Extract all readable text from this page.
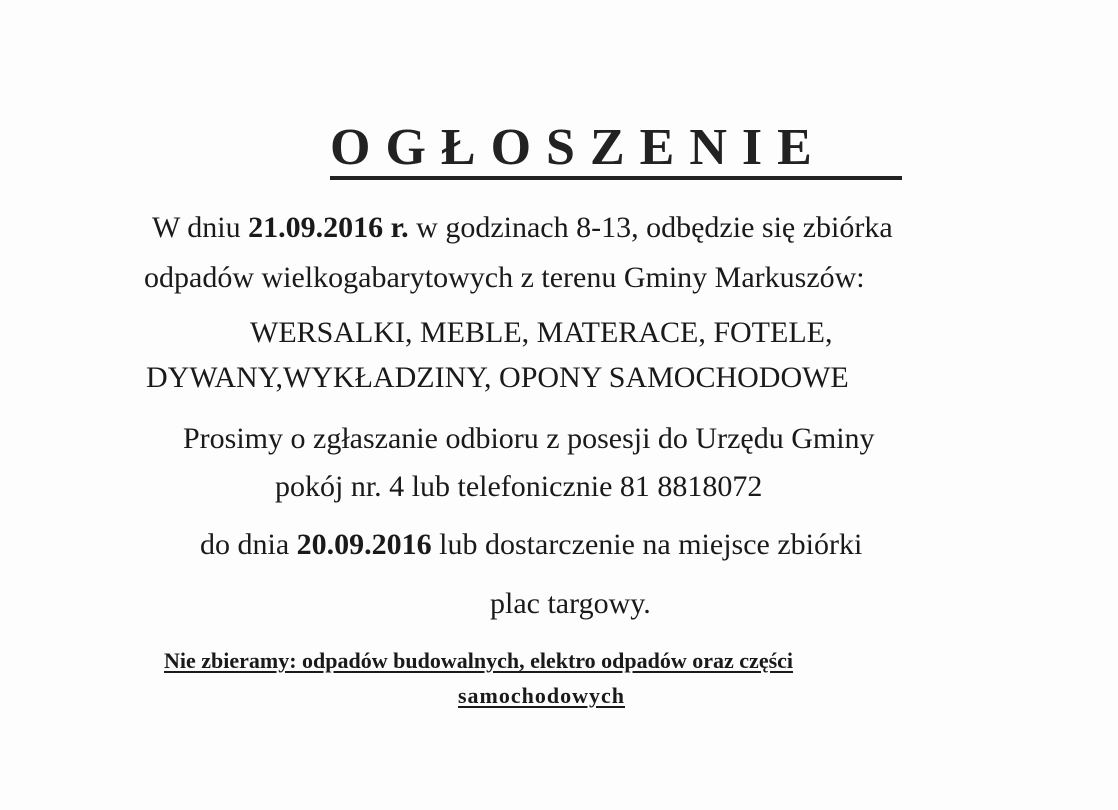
OGŁOSZENIE
W dniu 21.09.2016 r. w godzinach 8-13, odbędzie się zbiórka
odpadów wielkogabarytowych z terenu Gminy Markuszów:
WERSALKI, MEBLE, MATERACE, FOTELE,
DYWANY,WYKŁADZINY, OPONY SAMOCHODOWE
Prosimy o zgłaszanie odbioru z posesji do Urzędu Gminy
pokój nr. 4 lub telefonicznie 81 8818072
do dnia 20.09.2016 lub dostarczenie na miejsce zbiórki
plac targowy.
Nie zbieramy: odpadów budowalnych, elektro odpadów oraz części
samochodowych
